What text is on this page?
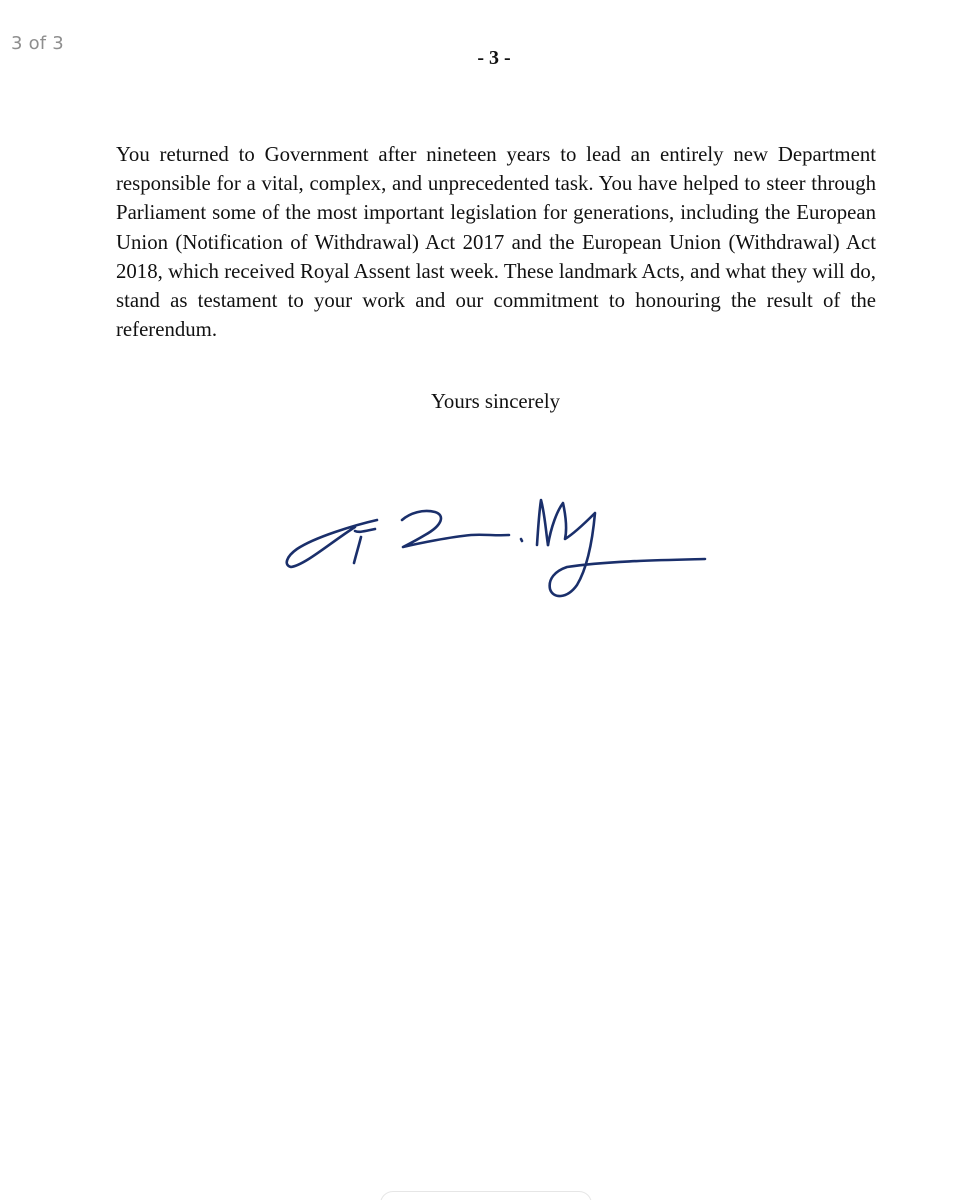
3 of 3
- 3 -

You returned to Government after nineteen years to lead an entirely new Department responsible for a vital, complex, and unprecedented task. You have helped to steer through Parliament some of the most important legislation for generations, including the European Union (Notification of Withdrawal) Act 2017 and the European Union (Withdrawal) Act 2018, which received Royal Assent last week. These landmark Acts, and what they will do, stand as testament to your work and our commitment to honouring the result of the referendum.

Yours sincerely
